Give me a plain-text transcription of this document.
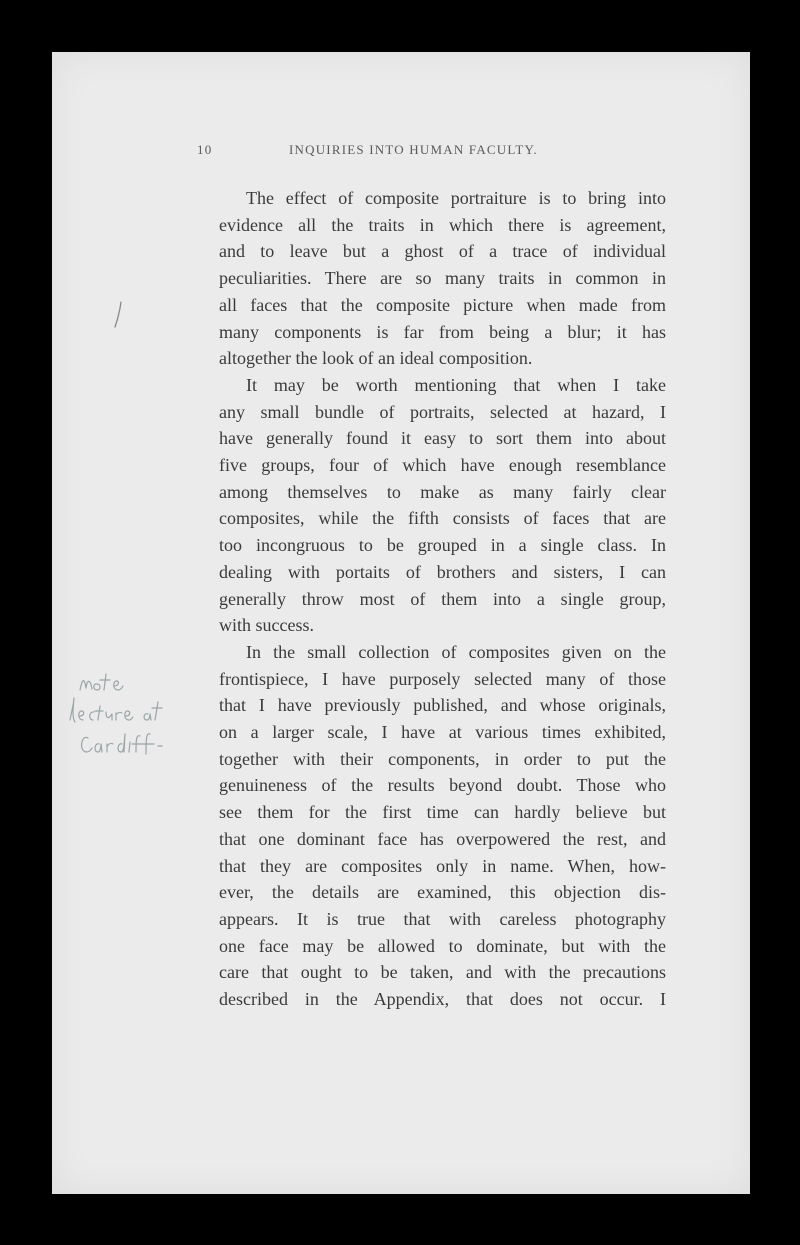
10	INQUIRIES INTO HUMAN FACULTY.
The effect of composite portraiture is to bring into
evidence all the traits in which there is agreement,
and to leave but a ghost of a trace of individual
peculiarities. There are so many traits in common in
all faces that the composite picture when made from
many components is far from being a blur; it has
altogether the look of an ideal composition.
It may be worth mentioning that when I take
any small bundle of portraits, selected at hazard, I
have generally found it easy to sort them into about
five groups, four of which have enough resemblance
among themselves to make as many fairly clear
composites, while the fifth consists of faces that are
too incongruous to be grouped in a single class. In
dealing with portaits of brothers and sisters, I can
generally throw most of them into a single group,
with success.
In the small collection of composites given on the
frontispiece, I have purposely selected many of those
that I have previously published, and whose originals,
on a larger scale, I have at various times exhibited,
together with their components, in order to put the
genuineness of the results beyond doubt. Those who
see them for the first time can hardly believe but
that one dominant face has overpowered the rest, and
that they are composites only in name. When, how-
ever, the details are examined, this objection dis-
appears. It is true that with careless photography
one face may be allowed to dominate, but with the
care that ought to be taken, and with the precautions
described in the Appendix, that does not occur. I
